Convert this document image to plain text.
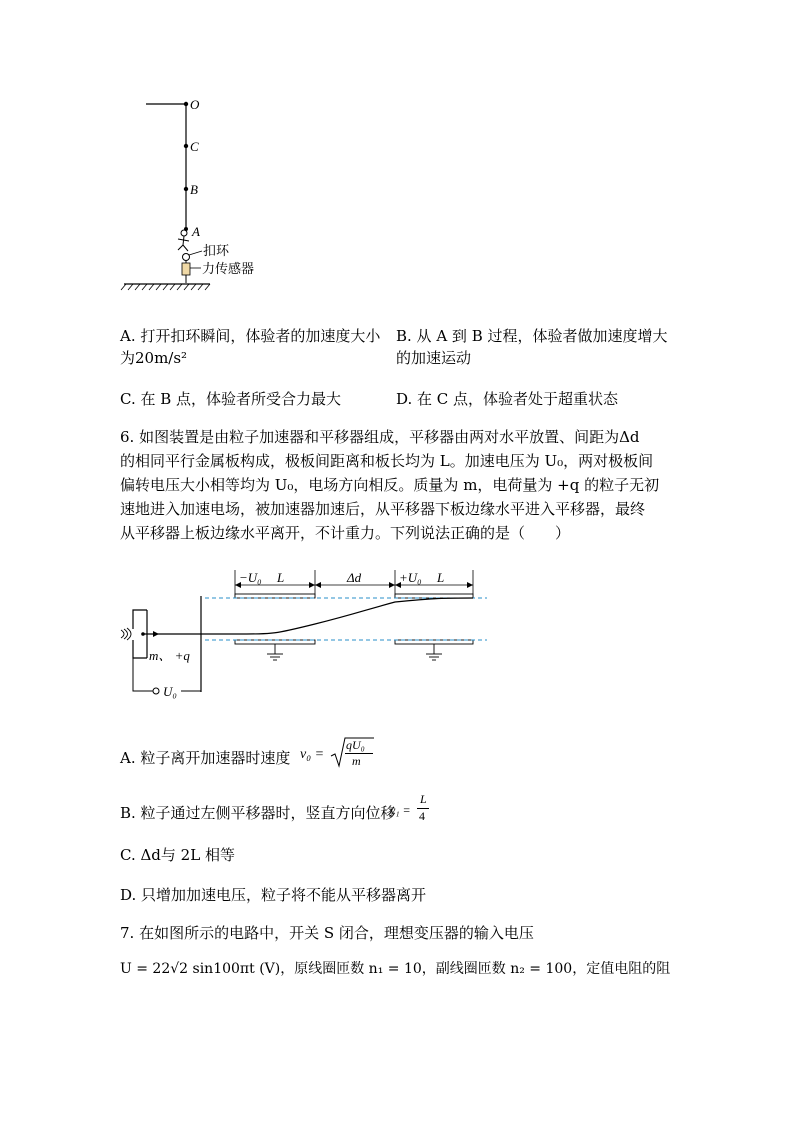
O
C
B
A
扣环
力传感器
A. 打开扣环瞬间，体验者的加速度大小
为20m/s²
B. 从 A 到 B 过程，体验者做加速度增大
的加速运动
C. 在 B 点，体验者所受合力最大	D. 在 C 点，体验者处于超重状态
6. 如图装置是由粒子加速器和平移器组成，平移器由两对水平放置、间距为Δd
的相同平行金属板构成，极板间距离和板长均为 L。加速电压为 U₀，两对极板间
偏转电压大小相等均为 U₀，电场方向相反。质量为 m，电荷量为 +q 的粒子无初
速地进入加速电场，被加速器加速后，从平移器下板边缘水平进入平移器，最终
从平移器上板边缘水平离开，不计重力。下列说法正确的是（　　）
−U₀ L	Δd	+U₀ L
U₀
m、 +q
A. 粒子离开加速器时速度 v₀ =
qU₀
m
B. 粒子通过左侧平移器时，竖直方向位移
y₁ =
L
4
C. Δd与 2L 相等
D. 只增加加速电压，粒子将不能从平移器离开
7. 在如图所示的电路中，开关 S 闭合，理想变压器的输入电压
U = 22√2 sin100πt (V)，原线圈匝数 n₁ = 10，副线圈匝数 n₂ = 100，定值电阻的阻
